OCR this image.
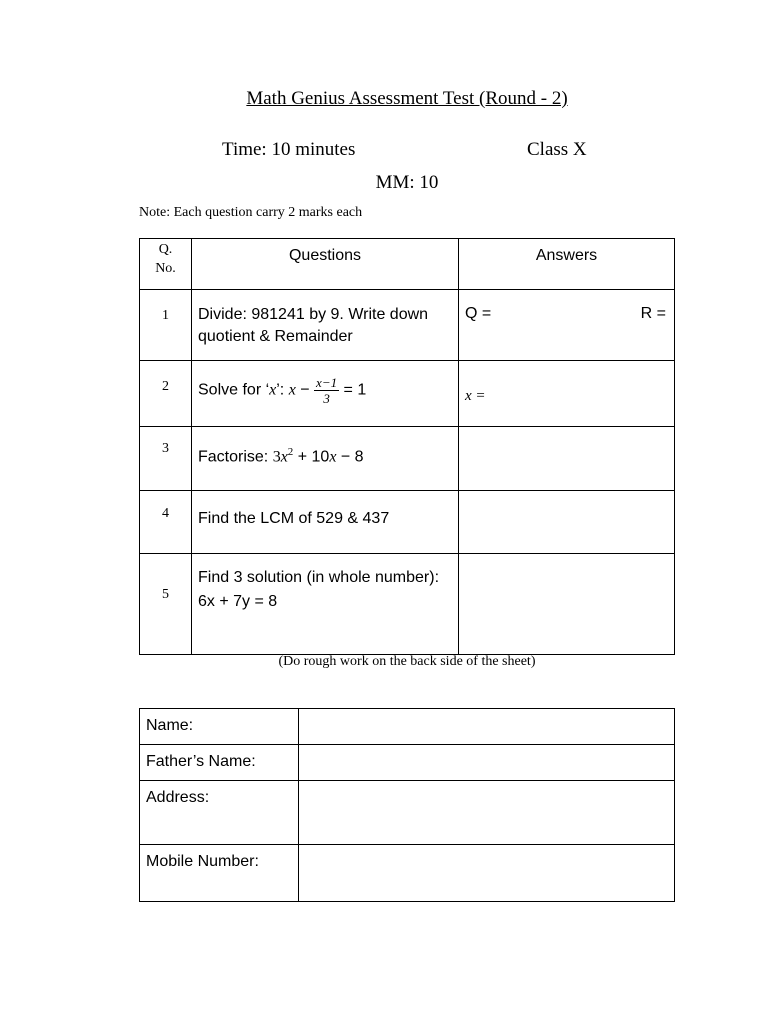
Math Genius Assessment Test (Round - 2)
Time: 10 minutes	Class X
MM: 10
Note: Each question carry 2 marks each
Q. No.	Questions	Answers
1	Divide: 981241 by 9. Write down quotient & Remainder	Q = R =

2	Solve for ‘x’: $x - \frac{x-1}{3} = 1$	x =
3	Factorise: $3x^2 + 10x - 8$	
4	Find the LCM of 529 & 437	
5	Find 3 solution (in whole number):
6x + 7y = 8	

(Do rough work on the back side of the sheet)
Name:	
Father’s Name:	
Address:	
Mobile Number:	
